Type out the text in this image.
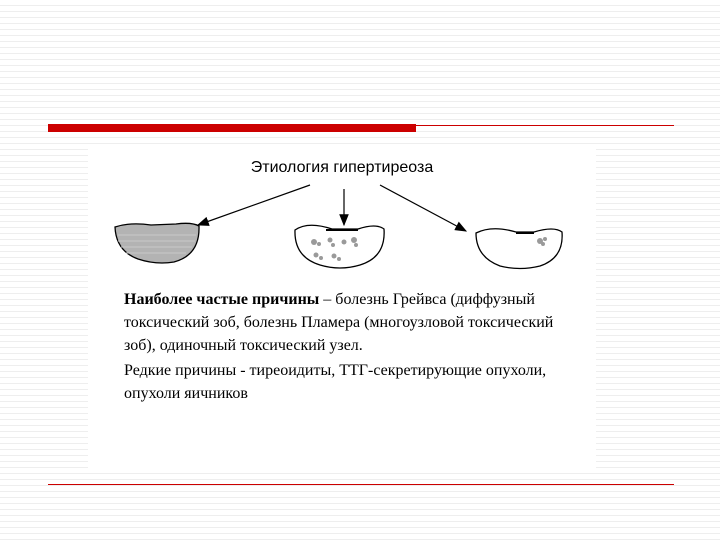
Этиология гипертиреоза

Наиболее частые причины – болезнь Грейвса (диффузный токсический зоб, болезнь Пламера (многоузловой токсический зоб), одиночный токсический узел.

Редкие причины - тиреоидиты, ТТГ-секретирующие опухоли, опухоли яичников
